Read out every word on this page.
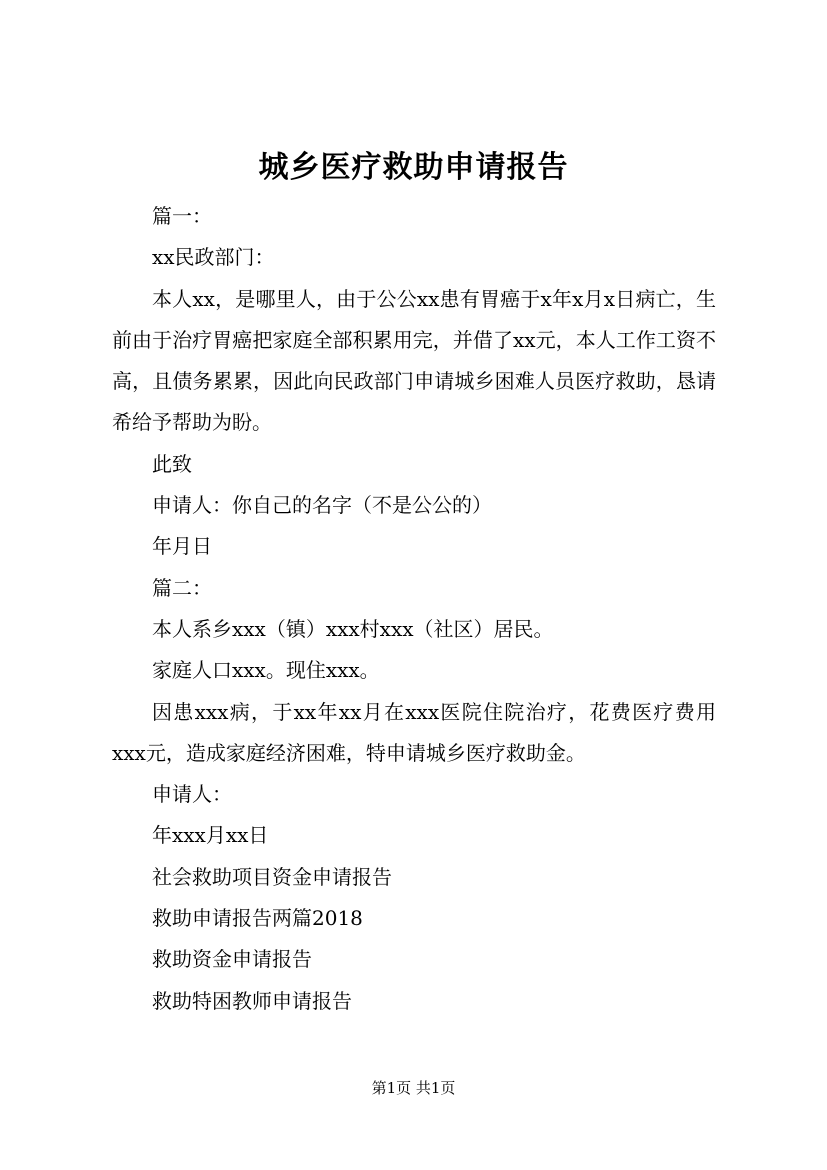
城乡医疗救助申请报告

篇一：

xx民政部门：

本人xx，是哪里人，由于公公xx患有胃癌于x年x月x日病亡，生前由于治疗胃癌把家庭全部积累用完，并借了xx元，本人工作工资不高，且债务累累，因此向民政部门申请城乡困难人员医疗救助，恳请希给予帮助为盼。

此致

申请人：你自己的名字（不是公公的）

年月日

篇二：

本人系乡xxx（镇）xxx村xxx（社区）居民。

家庭人口xxx。现住xxx。

因患xxx病，于xx年xx月在xxx医院住院治疗，花费医疗费用xxx元，造成家庭经济困难，特申请城乡医疗救助金。

申请人：

年xxx月xx日

社会救助项目资金申请报告

救助申请报告两篇2018

救助资金申请报告

救助特困教师申请报告

第1页 共1页
